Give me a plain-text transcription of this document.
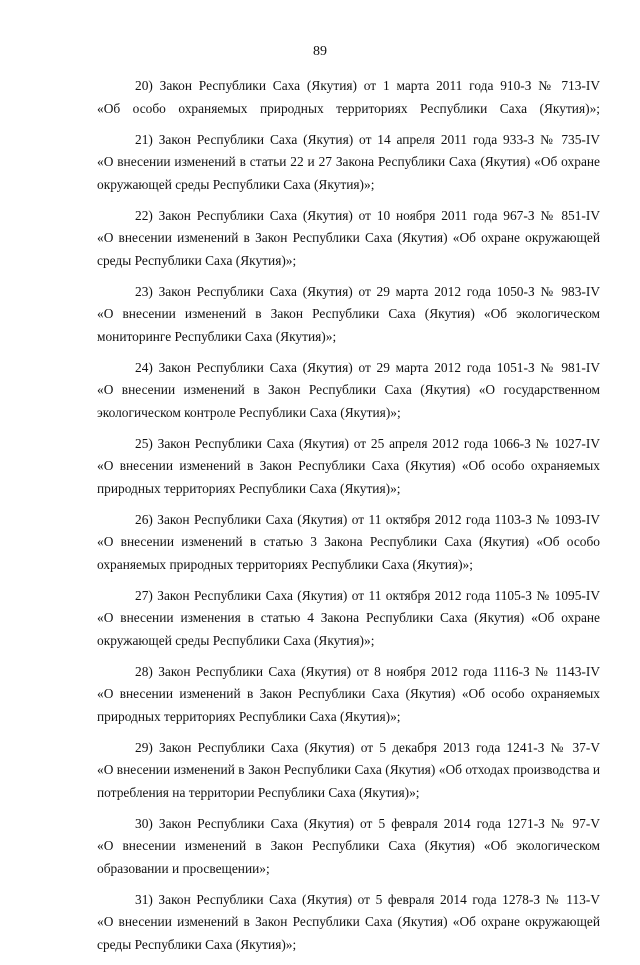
89
20) Закон Республики Саха (Якутия) от 1 марта 2011 года 910-З № 713-IV
«Об особо охраняемых природных территориях Республики Саха (Якутия)»;
21) Закон Республики Саха (Якутия) от 14 апреля 2011 года 933-З № 735-IV
«О внесении изменений в статьи 22 и 27 Закона Республики Саха (Якутия) «Об охране
окружающей среды Республики Саха (Якутия)»;
22) Закон Республики Саха (Якутия) от 10 ноября 2011 года 967-З № 851-IV
«О внесении изменений в Закон Республики Саха (Якутия) «Об охране окружающей
среды Республики Саха (Якутия)»;
23) Закон Республики Саха (Якутия) от 29 марта 2012 года 1050-З № 983-IV
«О внесении изменений в Закон Республики Саха (Якутия) «Об экологическом
мониторинге Республики Саха (Якутия)»;
24) Закон Республики Саха (Якутия) от 29 марта 2012 года 1051-З № 981-IV
«О внесении изменений в Закон Республики Саха (Якутия) «О государственном
экологическом контроле Республики Саха (Якутия)»;
25) Закон Республики Саха (Якутия) от 25 апреля 2012 года 1066-З № 1027-IV
«О внесении изменений в Закон Республики Саха (Якутия) «Об особо охраняемых
природных территориях Республики Саха (Якутия)»;
26) Закон Республики Саха (Якутия) от 11 октября 2012 года 1103-З № 1093-IV
«О внесении изменений в статью 3 Закона Республики Саха (Якутия) «Об особо
охраняемых природных территориях Республики Саха (Якутия)»;
27) Закон Республики Саха (Якутия) от 11 октября 2012 года 1105-З № 1095-IV
«О внесении изменения в статью 4 Закона Республики Саха (Якутия) «Об охране
окружающей среды Республики Саха (Якутия)»;
28) Закон Республики Саха (Якутия) от 8 ноября 2012 года 1116-З № 1143-IV
«О внесении изменений в Закон Республики Саха (Якутия) «Об особо охраняемых
природных территориях Республики Саха (Якутия)»;
29) Закон Республики Саха (Якутия) от 5 декабря 2013 года 1241-З № 37-V
«О внесении изменений в Закон Республики Саха (Якутия) «Об отходах производства и
потребления на территории Республики Саха (Якутия)»;
30) Закон Республики Саха (Якутия) от 5 февраля 2014 года 1271-З № 97-V
«О внесении изменений в Закон Республики Саха (Якутия) «Об экологическом
образовании и просвещении»;
31) Закон Республики Саха (Якутия) от 5 февраля 2014 года 1278-З № 113-V
«О внесении изменений в Закон Республики Саха (Якутия) «Об охране окружающей
среды Республики Саха (Якутия)»;
